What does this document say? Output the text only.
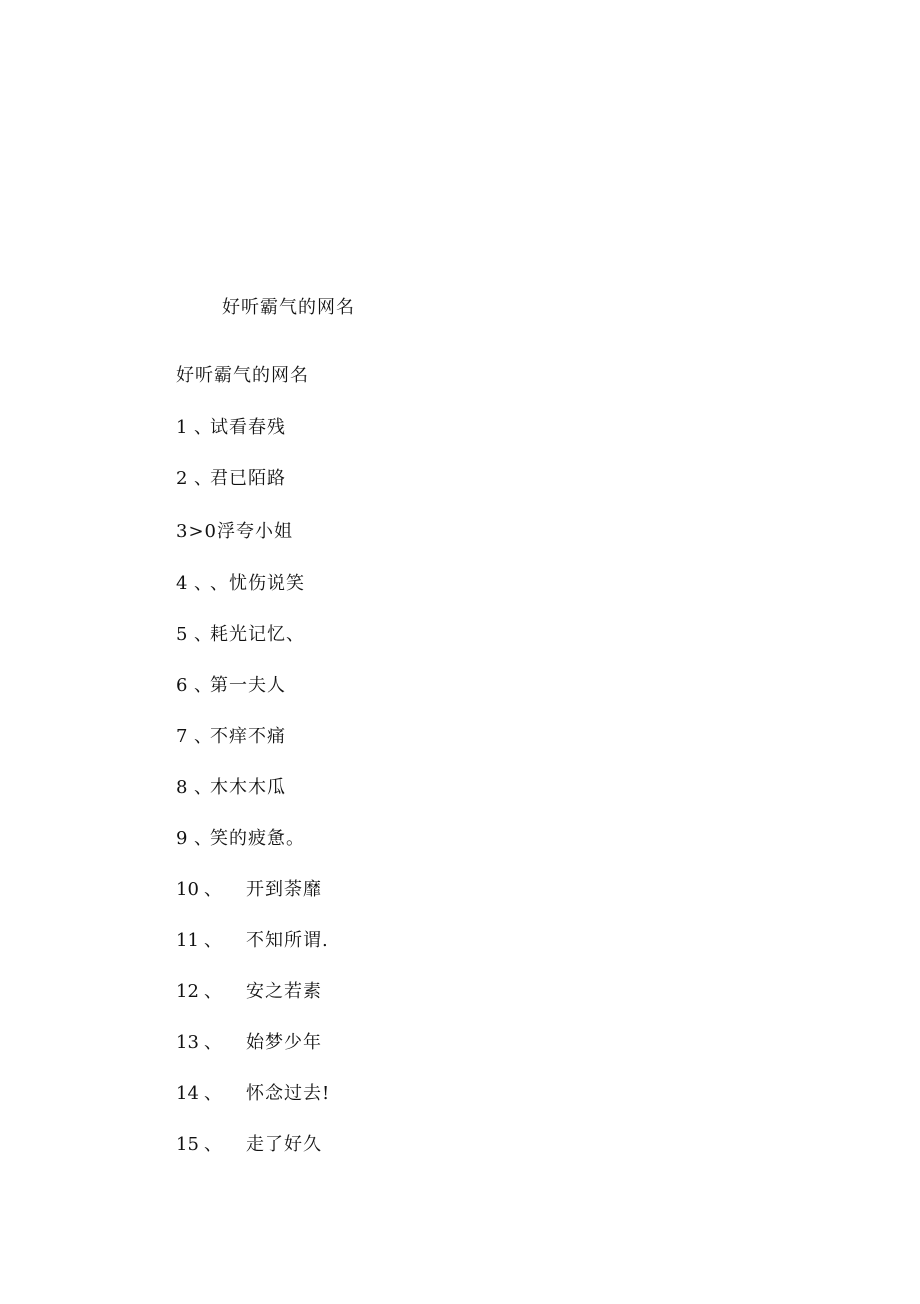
好听霸气的网名
好听霸气的网名
1 、试看春残
2 、君已陌路
3>0浮夸小姐
4 、、忧伤说笑
5 、耗光记忆、
6 、第一夫人
7 、不痒不痛
8 、木木木瓜
9 、笑的疲惫。
10 、 开到荼靡
11 、 不知所谓.
12 、 安之若素
13 、 始梦少年
14 、 怀念过去!
15 、 走了好久
